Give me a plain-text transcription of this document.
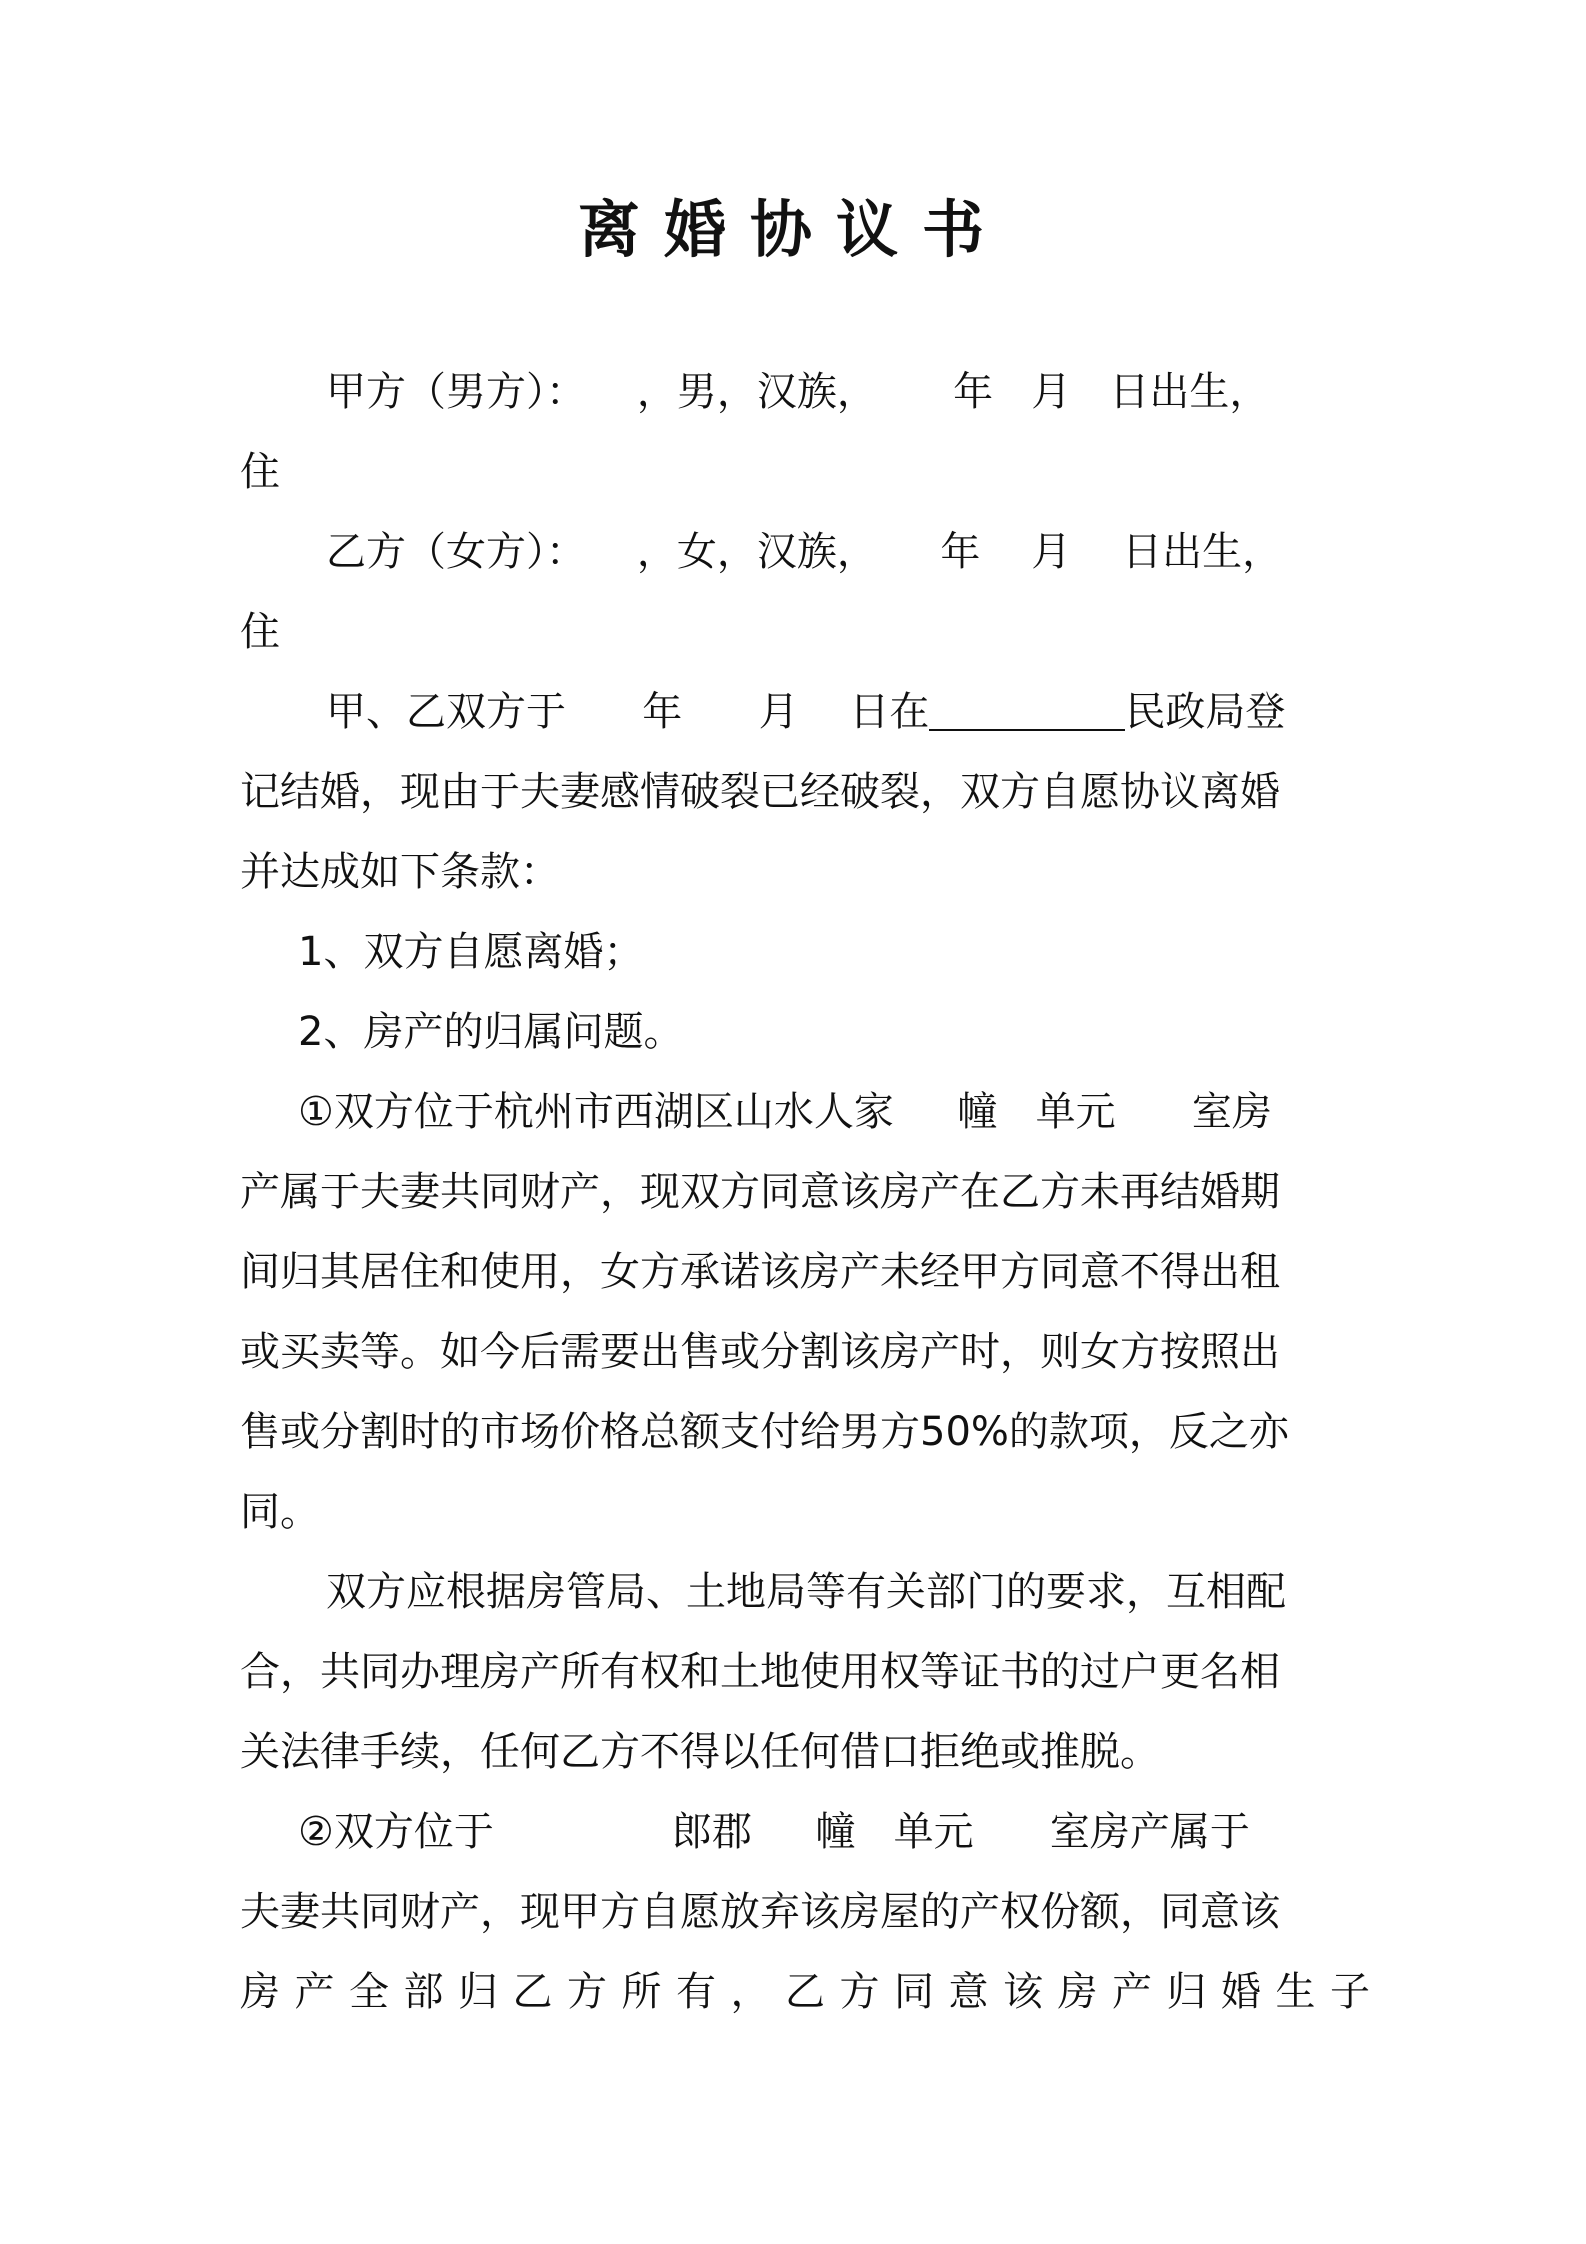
离婚协议书
甲方（男方）：    ，男，汉族，      年   月   日出生，
住
乙方（女方）：    ，女，汉族，     年    月    日出生，
住
甲、乙双方于      年      月    日在	民政局登
记结婚，现由于夫妻感情破裂已经破裂，双方自愿协议离婚
并达成如下条款：
1、双方自愿离婚；
2、房产的归属问题。
①双方位于杭州市西湖区山水人家     幢   单元      室房
产属于夫妻共同财产，现双方同意该房产在乙方未再结婚期
间归其居住和使用，女方承诺该房产未经甲方同意不得出租
或买卖等。如今后需要出售或分割该房产时，则女方按照出
售或分割时的市场价格总额支付给男方50%的款项，反之亦
同。
双方应根据房管局、土地局等有关部门的要求，互相配
合，共同办理房产所有权和土地使用权等证书的过户更名相
关法律手续，任何乙方不得以任何借口拒绝或推脱。
②双方位于              郎郡     幢   单元      室房产属于
夫妻共同财产，现甲方自愿放弃该房屋的产权份额，同意该
房产全部归乙方所有，乙方同意该房产归婚生子
